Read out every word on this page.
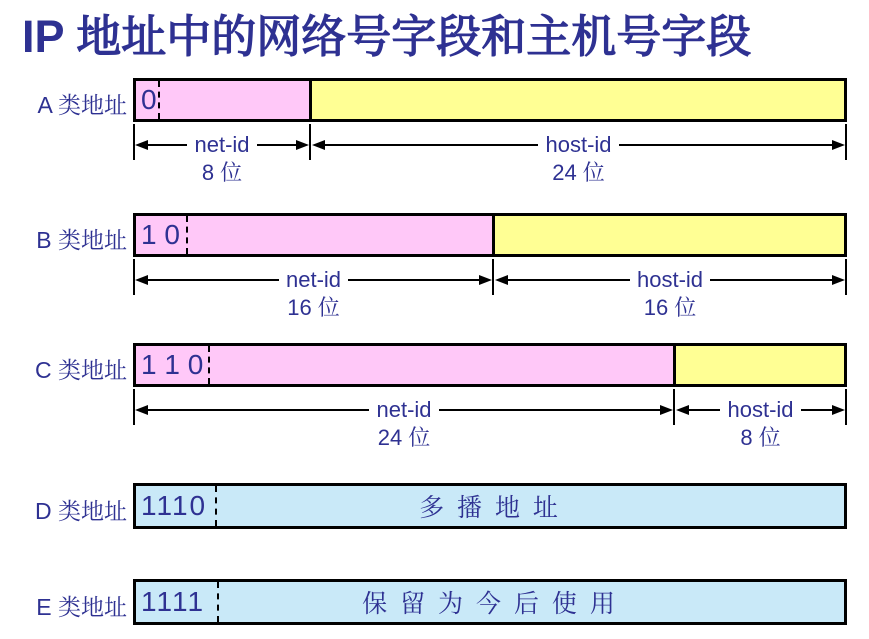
IP 地址中的网络号字段和主机号字段
A 类地址 0
net-id
8 位
host-id
24 位
B 类地址 1 0
net-id
16 位
host-id
16 位
C 类地址 1 1 0
net-id
24 位
host-id
8 位
D 类地址	多 播 地 址
1110
E 类地址	保 留 为 今 后 使 用
1111
